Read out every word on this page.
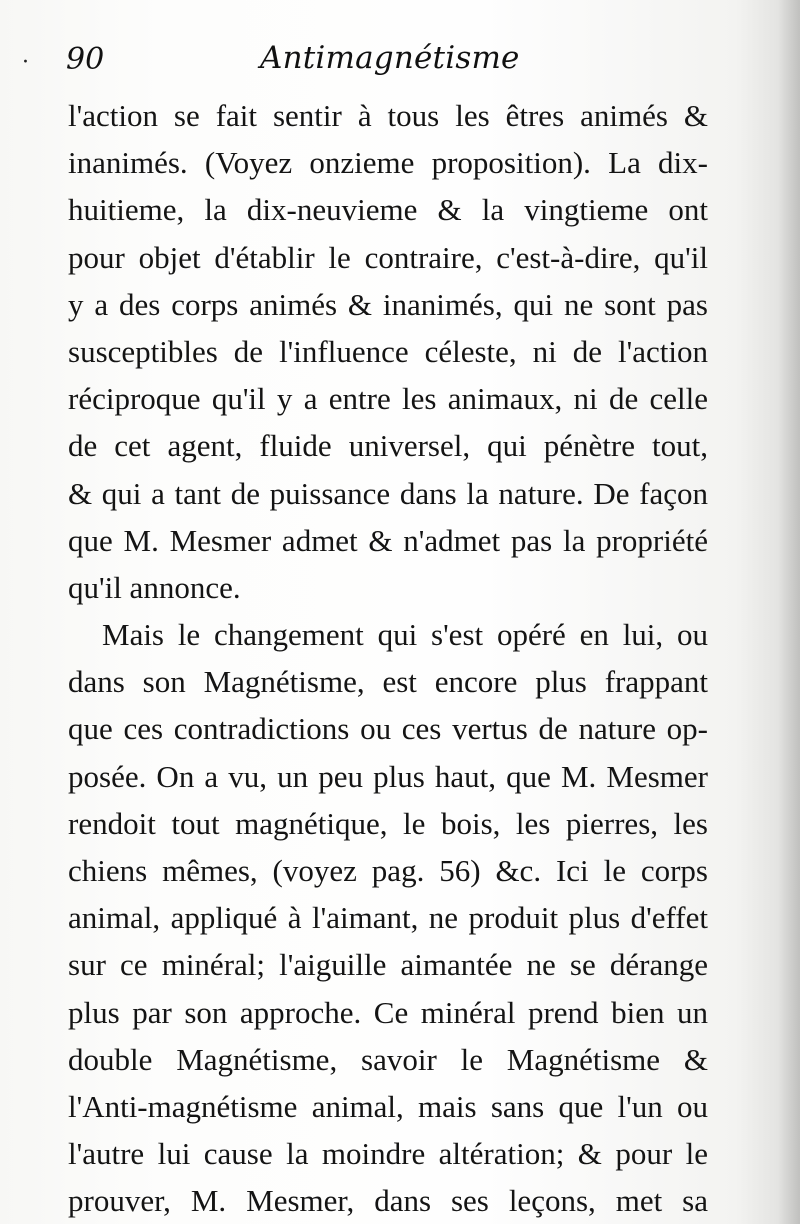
· 90	Antimagnétisme
l'action se fait sentir à tous les êtres animés &
inanimés. (Voyez onzieme proposition). La dix-
huitieme, la dix-neuvieme & la vingtieme ont
pour objet d'établir le contraire, c'est-à-dire, qu'il
y a des corps animés & inanimés, qui ne sont pas
susceptibles de l'influence céleste, ni de l'action
réciproque qu'il y a entre les animaux, ni de celle
de cet agent, fluide universel, qui pénètre tout,
& qui a tant de puissance dans la nature. De façon
que M. Mesmer admet & n'admet pas la propriété
qu'il annonce.
Mais le changement qui s'est opéré en lui, ou
dans son Magnétisme, est encore plus frappant
que ces contradictions ou ces vertus de nature op-
posée. On a vu, un peu plus haut, que M. Mesmer
rendoit tout magnétique, le bois, les pierres, les
chiens mêmes, (voyez pag. 56) &c. Ici le corps
animal, appliqué à l'aimant, ne produit plus d'effet
sur ce minéral; l'aiguille aimantée ne se dérange
plus par son approche. Ce minéral prend bien un
double Magnétisme, savoir le Magnétisme &
l'Anti-magnétisme animal, mais sans que l'un ou
l'autre lui cause la moindre altération; & pour le
prouver, M. Mesmer, dans ses leçons, met sa
